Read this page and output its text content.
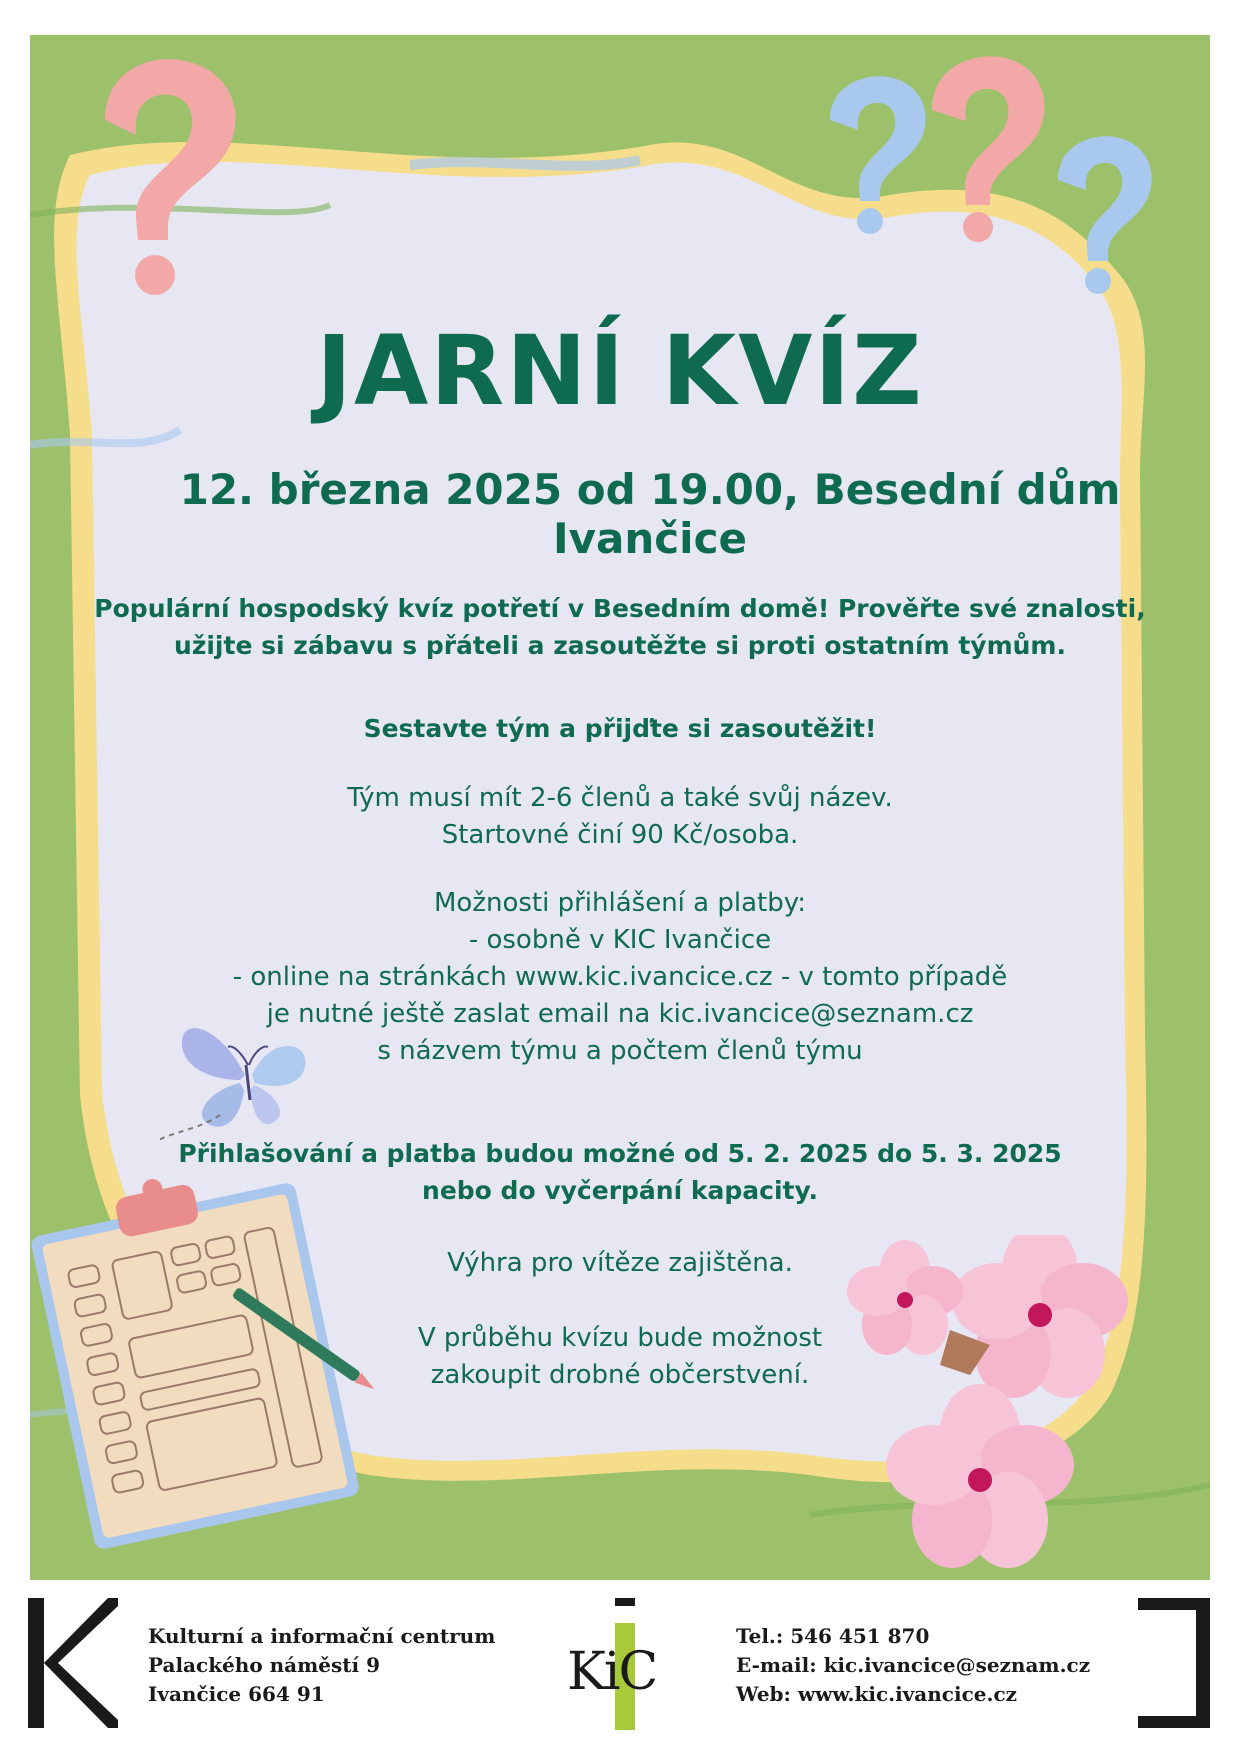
JARNÍ KVÍZ
12. března 2025 od 19.00, Besední dům Ivančice
Populární hospodský kvíz potřetí v Besedním domě! Prověřte své znalosti,
užijte si zábavu s přáteli a zasoutěžte si proti ostatním týmům.
Sestavte tým a přijďte si zasoutěžit!
Tým musí mít 2-6 členů a také svůj název.
Startovné činí 90 Kč/osoba.
Možnosti přihlášení a platby:
- osobně v KIC Ivančice
- online na stránkách www.kic.ivancice.cz - v tomto případě
je nutné ještě zaslat email na kic.ivancice@seznam.cz
s názvem týmu a počtem členů týmu
Přihlašování a platba budou možné od 5. 2. 2025 do 5. 3. 2025
nebo do vyčerpání kapacity.
Výhra pro vítěze zajištěna.
V průběhu kvízu bude možnost
zakoupit drobné občerstvení.
Kulturní a informační centrum
Palackého náměstí 9
Ivančice 664 91	KiC
Tel.: 546 451 870
E-mail: kic.ivancice@seznam.cz
Web: www.kic.ivancice.cz
